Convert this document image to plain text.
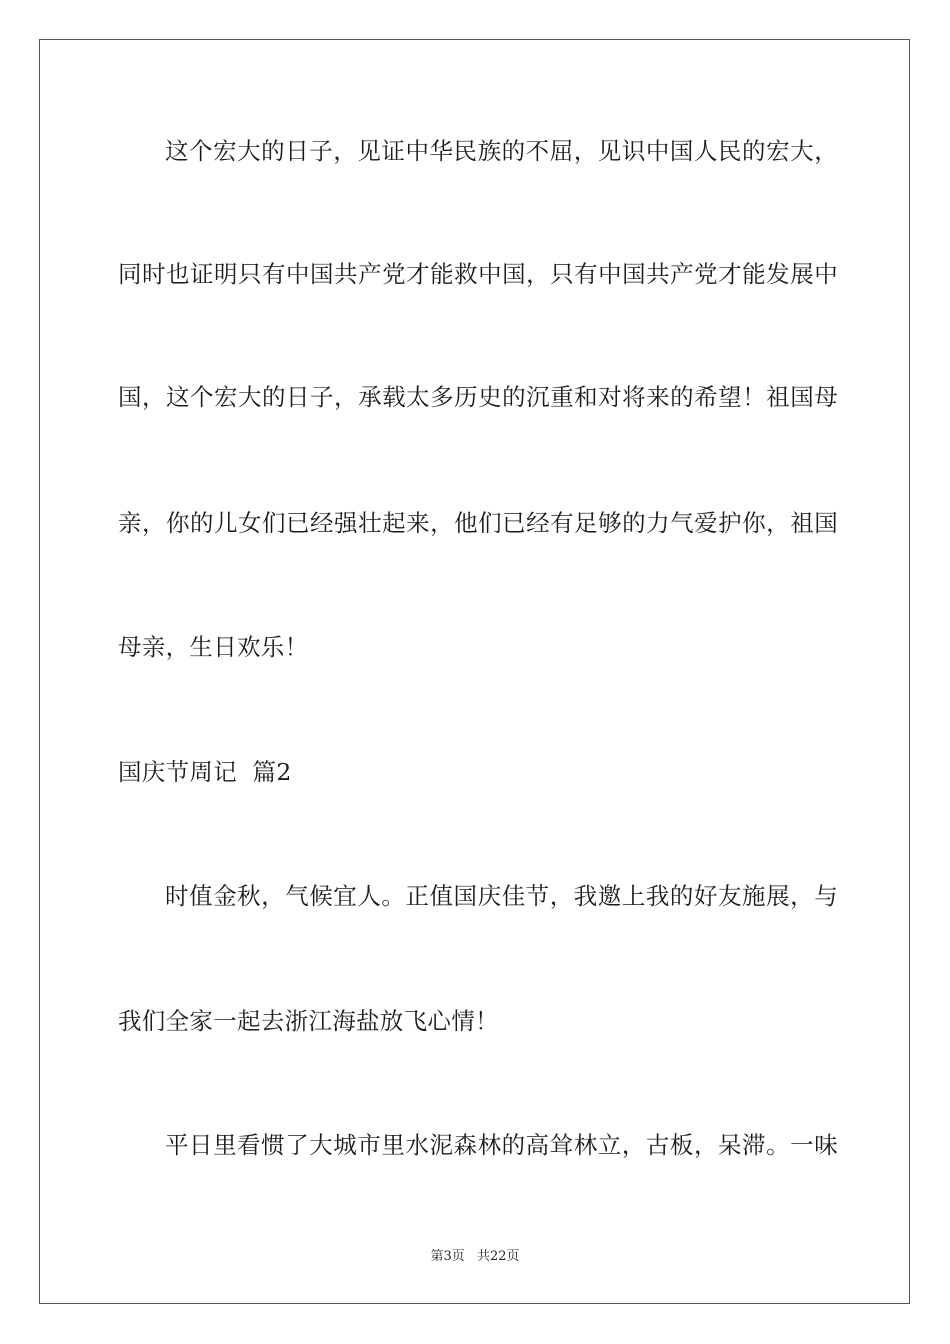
这个宏大的日子，见证中华民族的不屈，见识中国人民的宏大，
同时也证明只有中国共产党才能救中国，只有中国共产党才能发展中
国，这个宏大的日子，承载太多历史的沉重和对将来的希望！祖国母
亲，你的儿女们已经强壮起来，他们已经有足够的力气爱护你，祖国
母亲，生日欢乐！
国庆节周记  篇2
时值金秋，气候宜人。正值国庆佳节，我邀上我的好友施展，与
我们全家一起去浙江海盐放飞心情！
平日里看惯了大城市里水泥森林的高耸林立，古板，呆滞。一味
第3页 共22页
